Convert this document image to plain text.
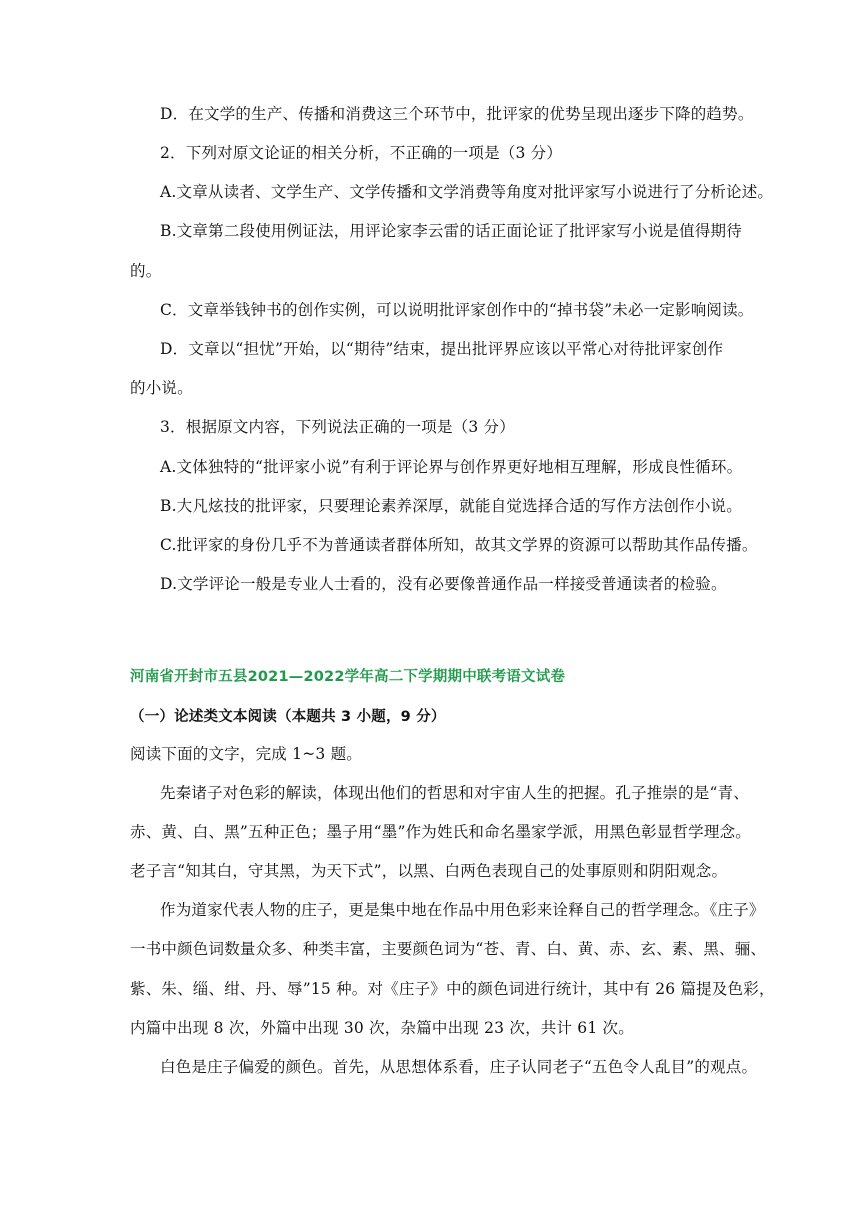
D．在文学的生产、传播和消费这三个环节中，批评家的优势呈现出逐步下降的趋势。
2．下列对原文论证的相关分析，不正确的一项是（3 分）
A.文章从读者、文学生产、文学传播和文学消费等角度对批评家写小说进行了分析论述。
B.文章第二段使用例证法，用评论家李云雷的话正面论证了批评家写小说是值得期待
的。
C．文章举钱钟书的创作实例，可以说明批评家创作中的“掉书袋”未必一定影响阅读。
D．文章以“担忧”开始，以“期待”结束，提出批评界应该以平常心对待批评家创作
的小说。
3．根据原文内容，下列说法正确的一项是（3 分）
A.文体独特的“批评家小说”有利于评论界与创作界更好地相互理解，形成良性循环。
B.大凡炫技的批评家，只要理论素养深厚，就能自觉选择合适的写作方法创作小说。
C.批评家的身份几乎不为普通读者群体所知，故其文学界的资源可以帮助其作品传播。
D.文学评论一般是专业人士看的，没有必要像普通作品一样接受普通读者的检验。
河南省开封市五县2021—2022学年高二下学期期中联考语文试卷
（一）论述类文本阅读（本题共 3 小题，9 分）
阅读下面的文字，完成 1~3 题。
先秦诸子对色彩的解读，体现出他们的哲思和对宇宙人生的把握。孔子推崇的是“青、
赤、黄、白、黑”五种正色；墨子用“墨”作为姓氏和命名墨家学派，用黑色彰显哲学理念。
老子言“知其白，守其黑，为天下式”，以黑、白两色表现自己的处事原则和阴阳观念。
作为道家代表人物的庄子，更是集中地在作品中用色彩来诠释自己的哲学理念。《庄子》
一书中颜色词数量众多、种类丰富，主要颜色词为“苍、青、白、黄、赤、玄、素、黑、骊、
紫、朱、缁、绀、丹、辱”15 种。对《庄子》中的颜色词进行统计，其中有 26 篇提及色彩，
内篇中出现 8 次，外篇中出现 30 次，杂篇中出现 23 次，共计 61 次。
白色是庄子偏爱的颜色。首先，从思想体系看，庄子认同老子“五色令人乱目”的观点。
